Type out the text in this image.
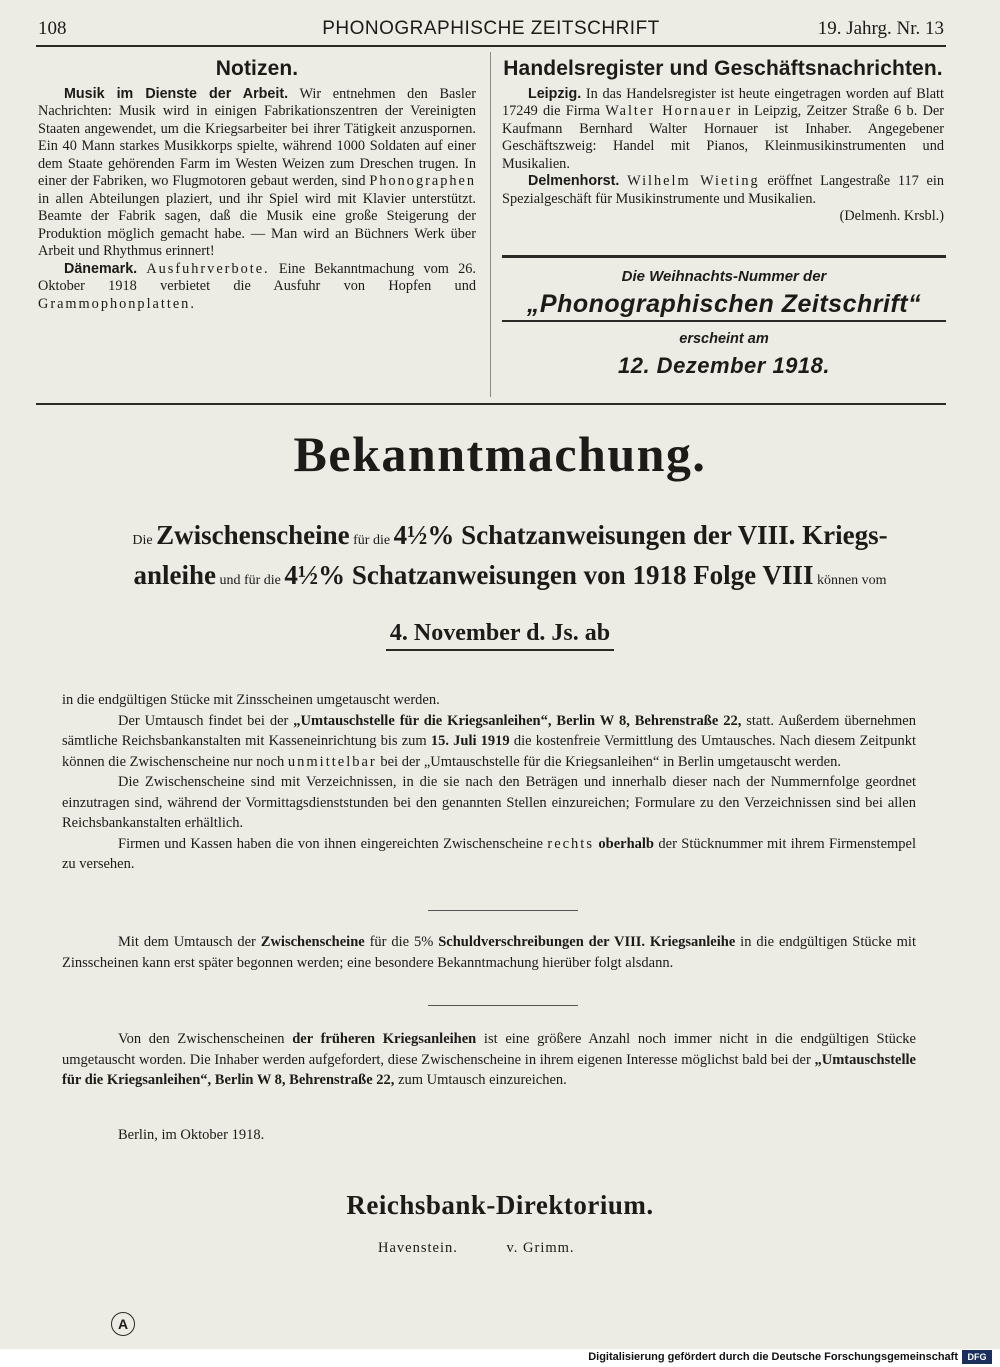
108	PHONOGRAPHISCHE ZEITSCHRIFT	19. Jahrg. Nr. 13
Notizen.

Musik im Dienste der Arbeit. Wir entnehmen den Basler Nachrichten: Musik wird in einigen Fabrikationszentren der Vereinigten Staaten angewendet, um die Kriegsarbeiter bei ihrer Tätigkeit anzuspornen. Ein 40 Mann starkes Musikkorps spielte, während 1000 Soldaten auf einer dem Staate gehörenden Farm im Westen Weizen zum Dreschen trugen. In einer der Fabriken, wo Flugmotoren gebaut werden, sind Phonographen in allen Abteilungen plaziert, und ihr Spiel wird mit Klavier unterstützt. Beamte der Fabrik sagen, daß die Musik eine große Steigerung der Produktion möglich gemacht habe. — Man wird an Büchners Werk über Arbeit und Rhythmus erinnert!

Dänemark. Ausfuhrverbote. Eine Bekanntmachung vom 26. Oktober 1918 verbietet die Ausfuhr von Hopfen und Grammophonplatten.

Handelsregister und Geschäftsnachrichten.

Leipzig. In das Handelsregister ist heute eingetragen worden auf Blatt 17249 die Firma Walter Hornauer in Leipzig, Zeitzer Straße 6 b. Der Kaufmann Bernhard Walter Hornauer ist Inhaber. Angegebener Geschäftszweig: Handel mit Pianos, Kleinmusikinstrumenten und Musikalien.

Delmenhorst. Wilhelm Wieting eröffnet Langestraße 117 ein Spezialgeschäft für Musikinstrumente und Musikalien.
(Delmenh. Krsbl.)

Die Weihnachts-Nummer der
„Phonographischen Zeitschrift“
erscheint am
12. Dezember 1918.
Bekanntmachung.
Die Zwischenscheine für die 4½% Schatzanweisungen der VIII. Kriegs-
anleihe und für die 4½% Schatzanweisungen von 1918 Folge VIII können vom
4. November d. Js. ab

in die endgültigen Stücke mit Zinsscheinen umgetauscht werden.

Der Umtausch findet bei der „Umtauschstelle für die Kriegsanleihen“, Berlin W 8, Behrenstraße 22, statt. Außerdem übernehmen sämtliche Reichsbankanstalten mit Kasseneinrichtung bis zum 15. Juli 1919 die kostenfreie Vermittlung des Umtausches. Nach diesem Zeitpunkt können die Zwischenscheine nur noch unmittelbar bei der „Umtauschstelle für die Kriegsanleihen“ in Berlin umgetauscht werden.

Die Zwischenscheine sind mit Verzeichnissen, in die sie nach den Beträgen und innerhalb dieser nach der Nummernfolge geordnet einzutragen sind, während der Vormittagsdienststunden bei den genannten Stellen einzureichen; Formulare zu den Verzeichnissen sind bei allen Reichsbankanstalten erhältlich.

Firmen und Kassen haben die von ihnen eingereichten Zwischenscheine rechts oberhalb der Stücknummer mit ihrem Firmenstempel zu versehen.

Mit dem Umtausch der Zwischenscheine für die 5% Schuldverschreibungen der VIII. Kriegsanleihe in die endgültigen Stücke mit Zinsscheinen kann erst später begonnen werden; eine besondere Bekanntmachung hierüber folgt alsdann.

Von den Zwischenscheinen der früheren Kriegsanleihen ist eine größere Anzahl noch immer nicht in die endgültigen Stücke umgetauscht worden. Die Inhaber werden aufgefordert, diese Zwischenscheine in ihrem eigenen Interesse möglichst bald bei der „Umtauschstelle für die Kriegsanleihen“, Berlin W 8, Behrenstraße 22, zum Umtausch einzureichen.

Berlin, im Oktober 1918.
Reichsbank-Direktorium.
Havenstein.	v. Grimm.
A
Digitalisierung gefördert durch die Deutsche Forschungsgemeinschaft	DFG
